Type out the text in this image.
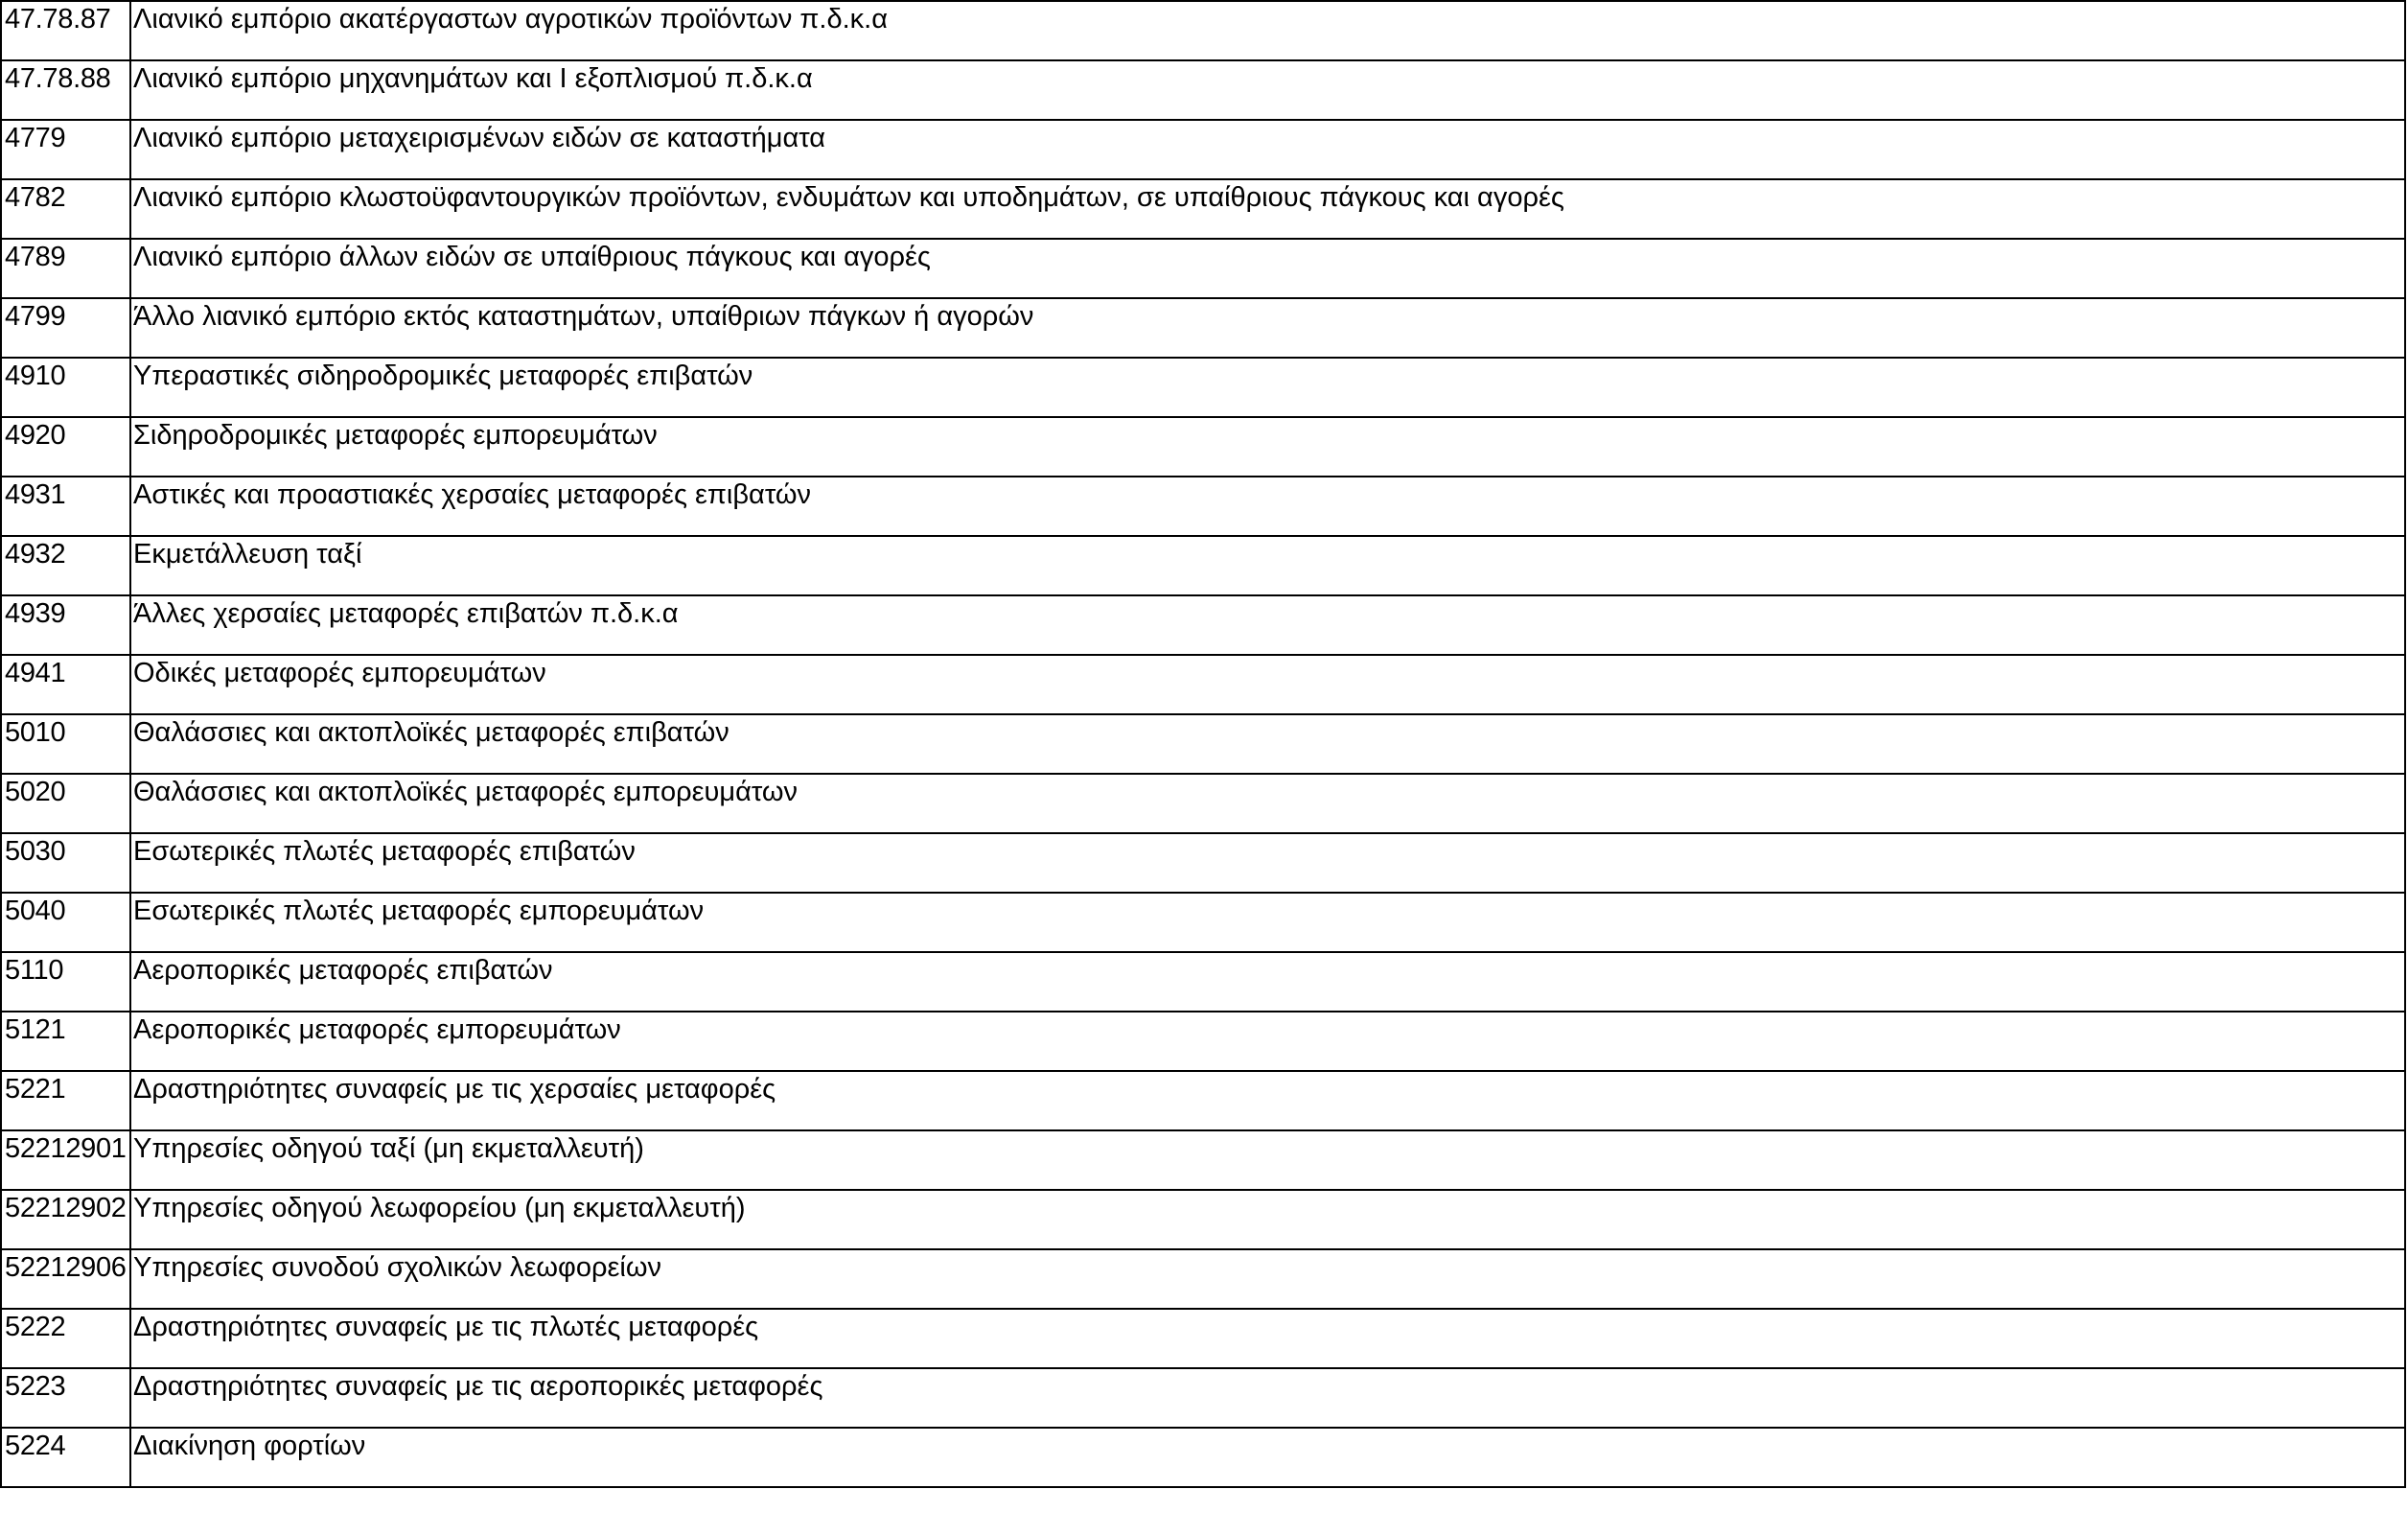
47.78.87	Λιανικό εμπόριο ακατέργαστων αγροτικών προϊόντων π.δ.κ.α
47.78.88	Λιανικό εμπόριο μηχανημάτων και Ι εξοπλισμού π.δ.κ.α
4779	Λιανικό εμπόριο μεταχειρισμένων ειδών σε καταστήματα
4782	Λιανικό εμπόριο κλωστοϋφαντουργικών προϊόντων, ενδυμάτων και υποδημάτων, σε υπαίθριους πάγκους και αγορές
4789	Λιανικό εμπόριο άλλων ειδών σε υπαίθριους πάγκους και αγορές
4799	Άλλο λιανικό εμπόριο εκτός καταστημάτων, υπαίθριων πάγκων ή αγορών
4910	Υπεραστικές σιδηροδρομικές μεταφορές επιβατών
4920	Σιδηροδρομικές μεταφορές εμπορευμάτων
4931	Αστικές και προαστιακές χερσαίες μεταφορές επιβατών
4932	Εκμετάλλευση ταξί
4939	Άλλες χερσαίες μεταφορές επιβατών π.δ.κ.α
4941	Οδικές μεταφορές εμπορευμάτων
5010	Θαλάσσιες και ακτοπλοϊκές μεταφορές επιβατών
5020	Θαλάσσιες και ακτοπλοϊκές μεταφορές εμπορευμάτων
5030	Εσωτερικές πλωτές μεταφορές επιβατών
5040	Εσωτερικές πλωτές μεταφορές εμπορευμάτων
5110	Αεροπορικές μεταφορές επιβατών
5121	Αεροπορικές μεταφορές εμπορευμάτων
5221	Δραστηριότητες συναφείς με τις χερσαίες μεταφορές
52212901	Υπηρεσίες οδηγού ταξί (μη εκμεταλλευτή)
52212902	Υπηρεσίες οδηγού λεωφορείου (μη εκμεταλλευτή)
52212906	Υπηρεσίες συνοδού σχολικών λεωφορείων
5222	Δραστηριότητες συναφείς με τις πλωτές μεταφορές
5223	Δραστηριότητες συναφείς με τις αεροπορικές μεταφορές
5224	Διακίνηση φορτίων
